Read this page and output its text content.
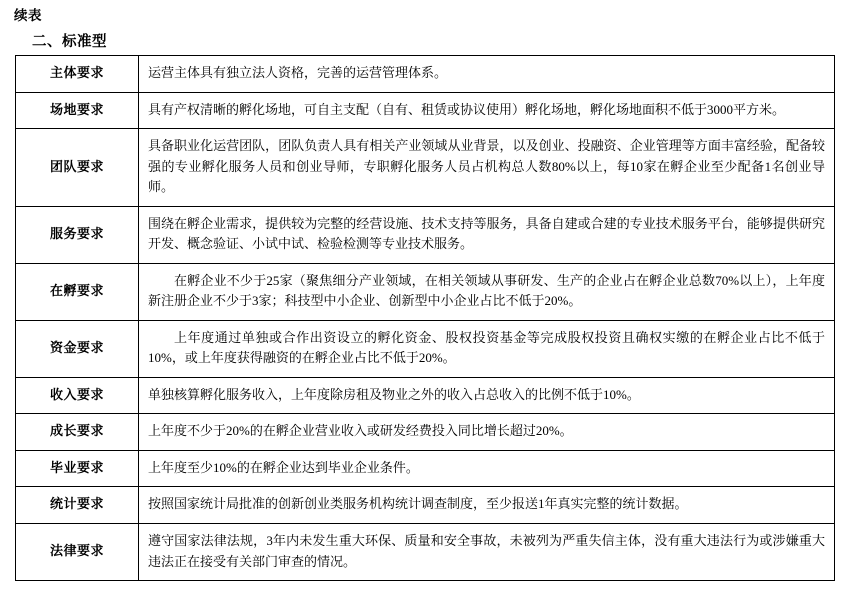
续表
二、标准型
主体要求	运营主体具有独立法人资格，完善的运营管理体系。
场地要求	具有产权清晰的孵化场地，可自主支配（自有、租赁或协议使用）孵化场地，孵化场地面积不低于3000平方米。
团队要求	具备职业化运营团队，团队负责人具有相关产业领域从业背景，以及创业、投融资、企业管理等方面丰富经验，配备较强的专业孵化服务人员和创业导师，专职孵化服务人员占机构总人数80%以上，每10家在孵企业至少配备1名创业导师。
服务要求	围绕在孵企业需求，提供较为完整的经营设施、技术支持等服务，具备自建或合建的专业技术服务平台，能够提供研究开发、概念验证、小试中试、检验检测等专业技术服务。
在孵要求	在孵企业不少于25家（聚焦细分产业领域，在相关领域从事研发、生产的企业占在孵企业总数70%以上），上年度新注册企业不少于3家；科技型中小企业、创新型中小企业占比不低于20%。
资金要求	上年度通过单独或合作出资设立的孵化资金、股权投资基金等完成股权投资且确权实缴的在孵企业占比不低于10%，或上年度获得融资的在孵企业占比不低于20%。
收入要求	单独核算孵化服务收入，上年度除房租及物业之外的收入占总收入的比例不低于10%。
成长要求	上年度不少于20%的在孵企业营业收入或研发经费投入同比增长超过20%。
毕业要求	上年度至少10%的在孵企业达到毕业企业条件。
统计要求	按照国家统计局批准的创新创业类服务机构统计调查制度，至少报送1年真实完整的统计数据。
法律要求	遵守国家法律法规，3年内未发生重大环保、质量和安全事故，未被列为严重失信主体，没有重大违法行为或涉嫌重大违法正在接受有关部门审查的情况。
